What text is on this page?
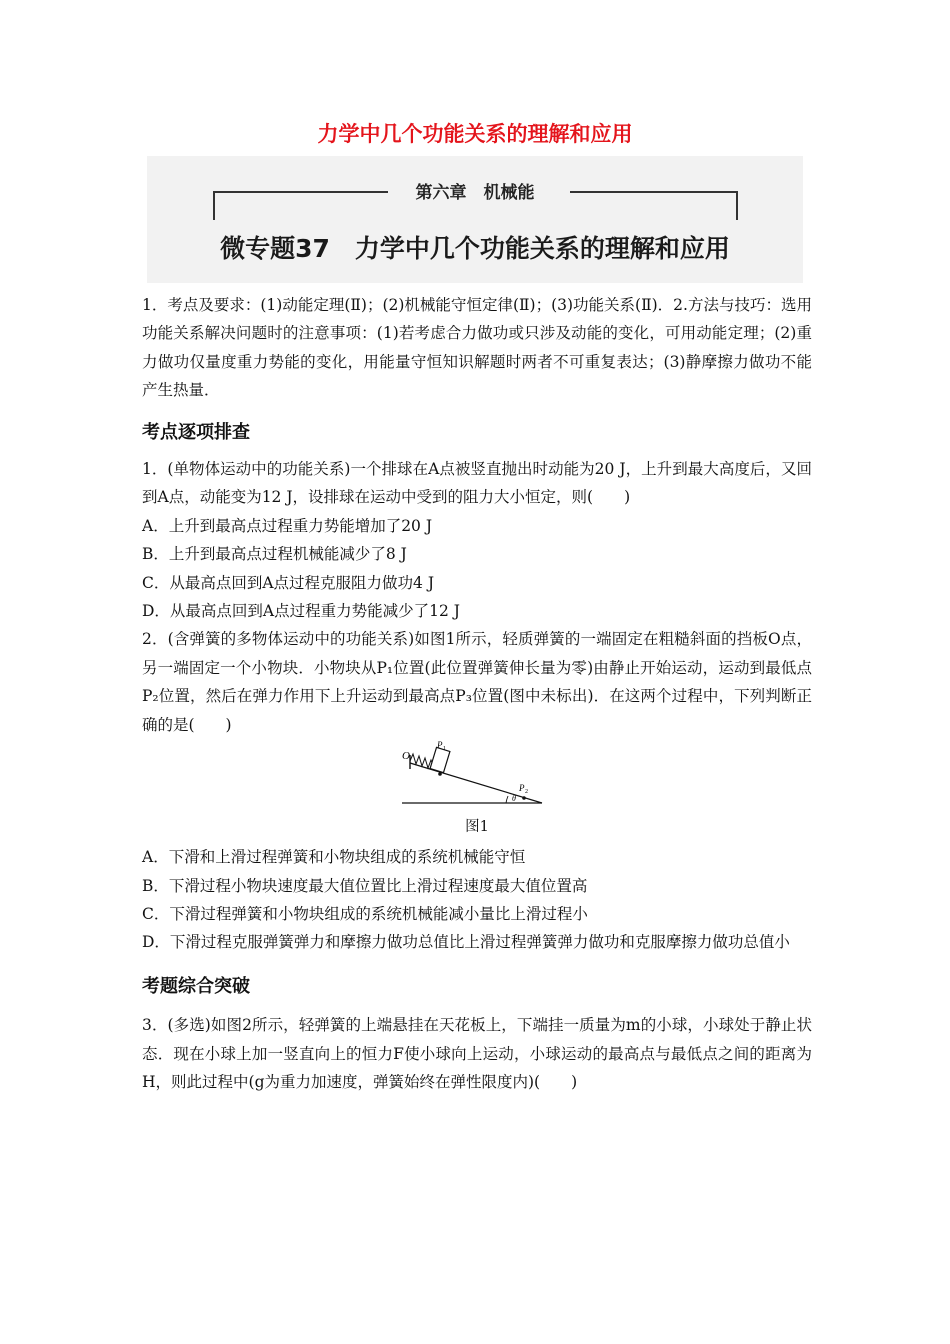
力学中几个功能关系的理解和应用
第六章　机械能
微专题37　力学中几个功能关系的理解和应用

1．考点及要求：(1)动能定理(Ⅱ)；(2)机械能守恒定律(Ⅱ)；(3)功能关系(Ⅱ)．2.方法与技巧：选用功能关系解决问题时的注意事项：(1)若考虑合力做功或只涉及动能的变化，可用动能定理；(2)重力做功仅量度重力势能的变化，用能量守恒知识解题时两者不可重复表达；(3)静摩擦力做功不能产生热量．

考点逐项排查

1．(单物体运动中的功能关系)一个排球在A点被竖直抛出时动能为20 J，上升到最大高度后，又回到A点，动能变为12 J，设排球在运动中受到的阻力大小恒定，则(　　)

A．上升到最高点过程重力势能增加了20 J

B．上升到最高点过程机械能减少了8 J

C．从最高点回到A点过程克服阻力做功4 J

D．从最高点回到A点过程重力势能减少了12 J

2．(含弹簧的多物体运动中的功能关系)如图1所示，轻质弹簧的一端固定在粗糙斜面的挡板O点，另一端固定一个小物块．小物块从P₁位置(此位置弹簧伸长量为零)由静止开始运动，运动到最低点P₂位置，然后在弹力作用下上升运动到最高点P₃位置(图中未标出)．在这两个过程中，下列判断正确的是(　　)

O
P 1
P 2
θ
图1

A．下滑和上滑过程弹簧和小物块组成的系统机械能守恒

B．下滑过程小物块速度最大值位置比上滑过程速度最大值位置高

C．下滑过程弹簧和小物块组成的系统机械能减小量比上滑过程小

D．下滑过程克服弹簧弹力和摩擦力做功总值比上滑过程弹簧弹力做功和克服摩擦力做功总值小

考题综合突破

3．(多选)如图2所示，轻弹簧的上端悬挂在天花板上，下端挂一质量为m的小球，小球处于静止状态．现在小球上加一竖直向上的恒力F使小球向上运动，小球运动的最高点与最低点之间的距离为H，则此过程中(g为重力加速度，弹簧始终在弹性限度内)(　　)
